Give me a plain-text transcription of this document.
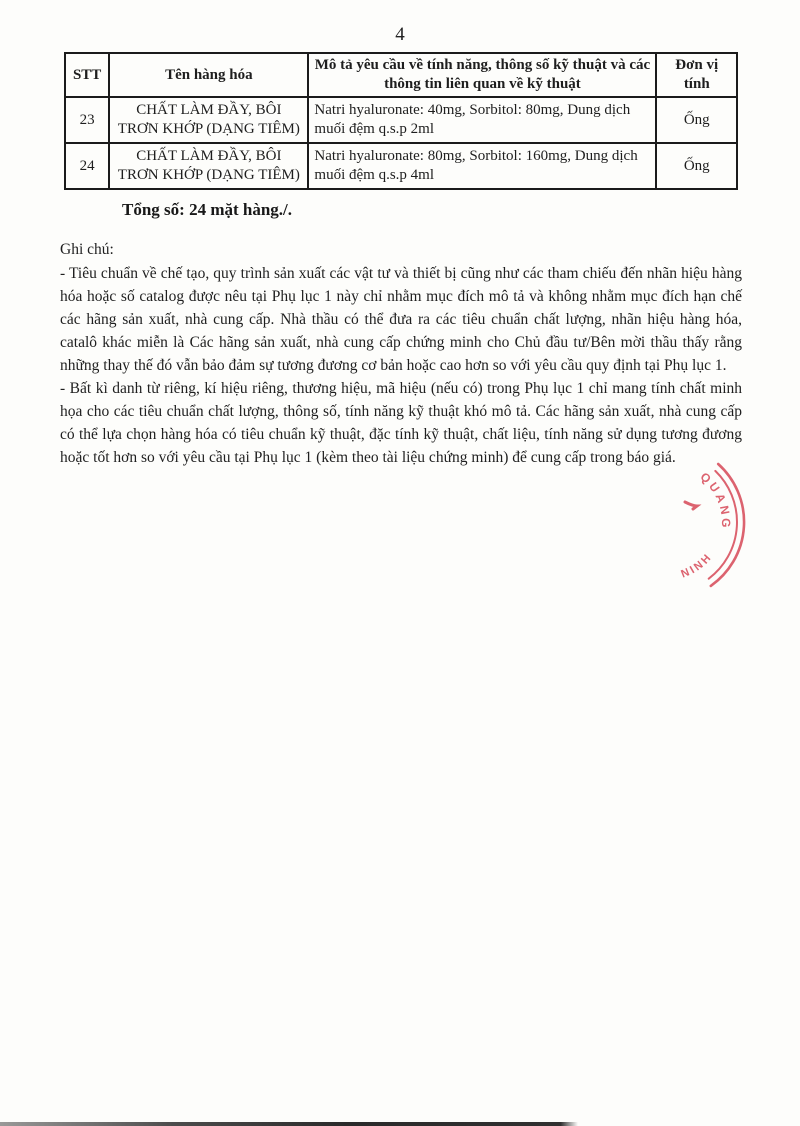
4
STT	Tên hàng hóa	Mô tả yêu cầu về tính năng, thông số kỹ thuật và các thông tin liên quan về kỹ thuật	Đơn vị tính
23	CHẤT LÀM ĐẦY, BÔI TRƠN KHỚP (DẠNG TIÊM)	Natri hyaluronate: 40mg, Sorbitol: 80mg, Dung dịch muối đệm q.s.p 2ml	Ống
24	CHẤT LÀM ĐẦY, BÔI TRƠN KHỚP (DẠNG TIÊM)	Natri hyaluronate: 80mg, Sorbitol: 160mg, Dung dịch muối đệm q.s.p 4ml	Ống
Tổng số: 24 mặt hàng./.

Ghi chú:

- Tiêu chuẩn về chế tạo, quy trình sản xuất các vật tư và thiết bị cũng như các tham chiếu đến nhãn hiệu hàng hóa hoặc số catalog được nêu tại Phụ lục 1 này chỉ nhằm mục đích mô tả và không nhằm mục đích hạn chế các hãng sản xuất, nhà cung cấp. Nhà thầu có thể đưa ra các tiêu chuẩn chất lượng, nhãn hiệu hàng hóa, catalô khác miễn là Các hãng sản xuất, nhà cung cấp chứng minh cho Chủ đầu tư/Bên mời thầu thấy rằng những thay thế đó vẫn bảo đảm sự tương đương cơ bản hoặc cao hơn so với yêu cầu quy định tại Phụ lục 1.

- Bất kì danh từ riêng, kí hiệu riêng, thương hiệu, mã hiệu (nếu có) trong Phụ lục 1 chỉ mang tính chất minh họa cho các tiêu chuẩn chất lượng, thông số, tính năng kỹ thuật khó mô tả. Các hãng sản xuất, nhà cung cấp có thể lựa chọn hàng hóa có tiêu chuẩn kỹ thuật, đặc tính kỹ thuật, chất liệu, tính năng sử dụng tương đương hoặc tốt hơn so với yêu cầu tại Phụ lục 1 (kèm theo tài liệu chứng minh) để cung cấp trong báo giá.

QUANG
NINH
